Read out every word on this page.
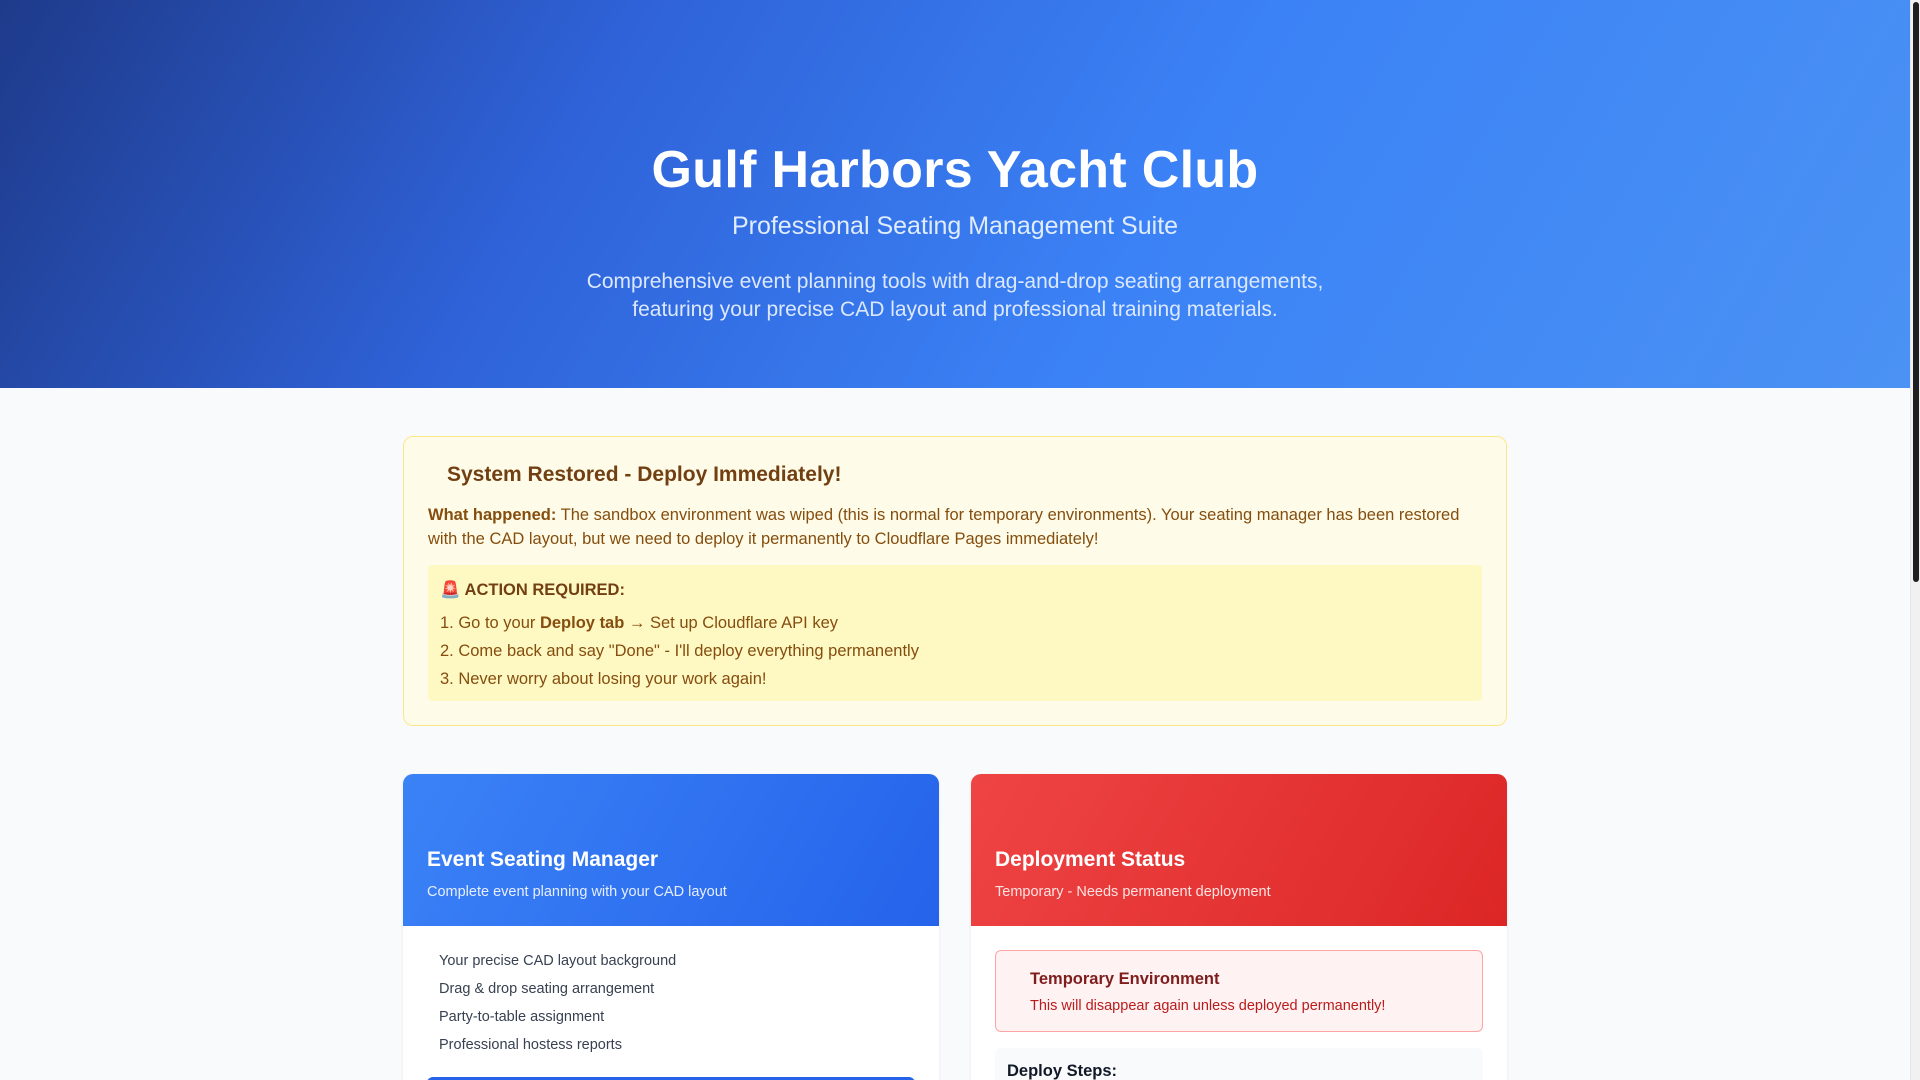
Gulf Harbors Yacht Club
Professional Seating Management Suite
Comprehensive event planning tools with drag-and-drop seating arrangements,
featuring your precise CAD layout and professional training materials.
System Restored - Deploy Immediately!
What happened: The sandbox environment was wiped (this is normal for temporary environments). Your seating manager has been restored with the CAD layout, but we need to deploy it permanently to Cloudflare Pages immediately!
🚨 ACTION REQUIRED:
1. Go to your Deploy tab → Set up Cloudflare API key
2. Come back and say "Done" - I'll deploy everything permanently
3. Never worry about losing your work again!
Event Seating Manager
Complete event planning with your CAD layout
Your precise CAD layout background
Drag & drop seating arrangement
Party-to-table assignment
Professional hostess reports
Deployment Status
Temporary - Needs permanent deployment
Temporary Environment
This will disappear again unless deployed permanently!
Deploy Steps:
